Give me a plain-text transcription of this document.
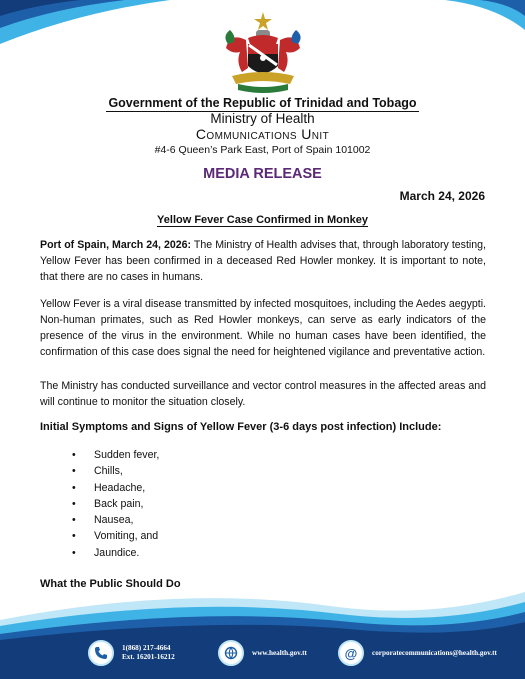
Government of the Republic of Trinidad and Tobago
Ministry of Health
Communications Unit
#4-6 Queen’s Park East, Port of Spain 101002
MEDIA RELEASE
March 24, 2026
Yellow Fever Case Confirmed in Monkey

Port of Spain, March 24, 2026: The Ministry of Health advises that, through laboratory testing, Yellow Fever has been confirmed in a deceased Red Howler monkey. It is important to note, that there are no cases in humans.

Yellow Fever is a viral disease transmitted by infected mosquitoes, including the Aedes aegypti. Non-human primates, such as Red Howler monkeys, can serve as early indicators of the presence of the virus in the environment. While no human cases have been identified, the confirmation of this case does signal the need for heightened vigilance and preventative action.

The Ministry has conducted surveillance and vector control measures in the affected areas and will continue to monitor the situation closely.

Initial Symptoms and Signs of Yellow Fever (3-6 days post infection) Include:
• Sudden fever,
• Chills,
• Headache,
• Back pain,
• Nausea,
• Vomiting, and
• Jaundice.
What the Public Should Do
1(868) 217-4664
Ext. 16201-16212
www.health.gov.tt	@	corporatecommunications@health.gov.tt
